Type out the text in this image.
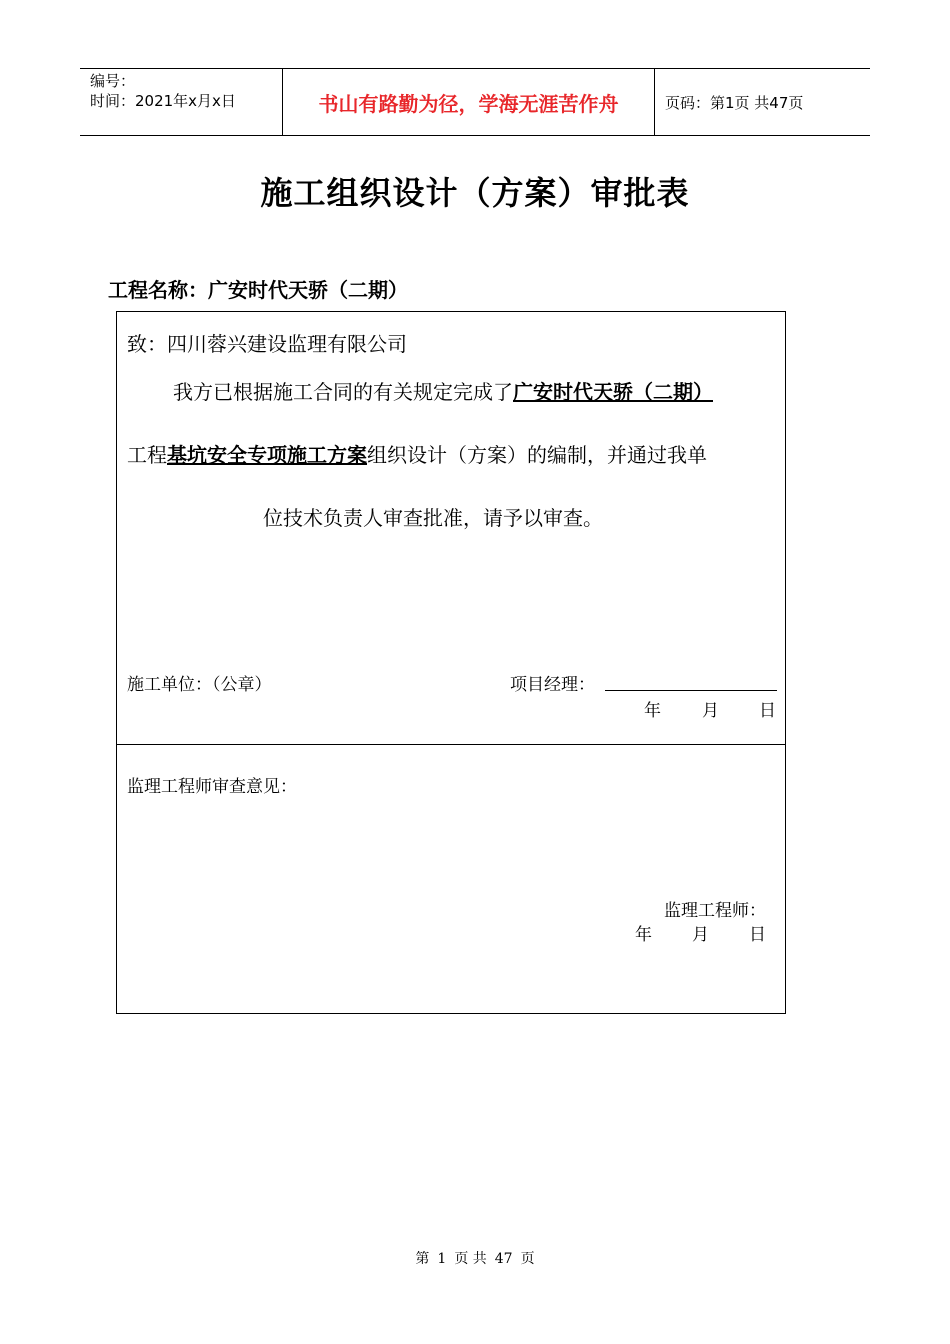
编号：
时间：2021年x月x日	书山有路勤为径，学海无涯苦作舟	页码：第1页 共47页
施工组织设计（方案）审批表
工程名称：广安时代天骄（二期）
致：四川蓉兴建设监理有限公司
我方已根据施工合同的有关规定完成了广安时代天骄（二期）
工程基坑安全专项施工方案组织设计（方案）的编制，并通过我单
位技术负责人审查批准，请予以审查。
施工单位：（公章）	项目经理：
年 月 日
监理工程师审查意见：
监理工程师：
年 月 日
第 1 页 共 47 页
